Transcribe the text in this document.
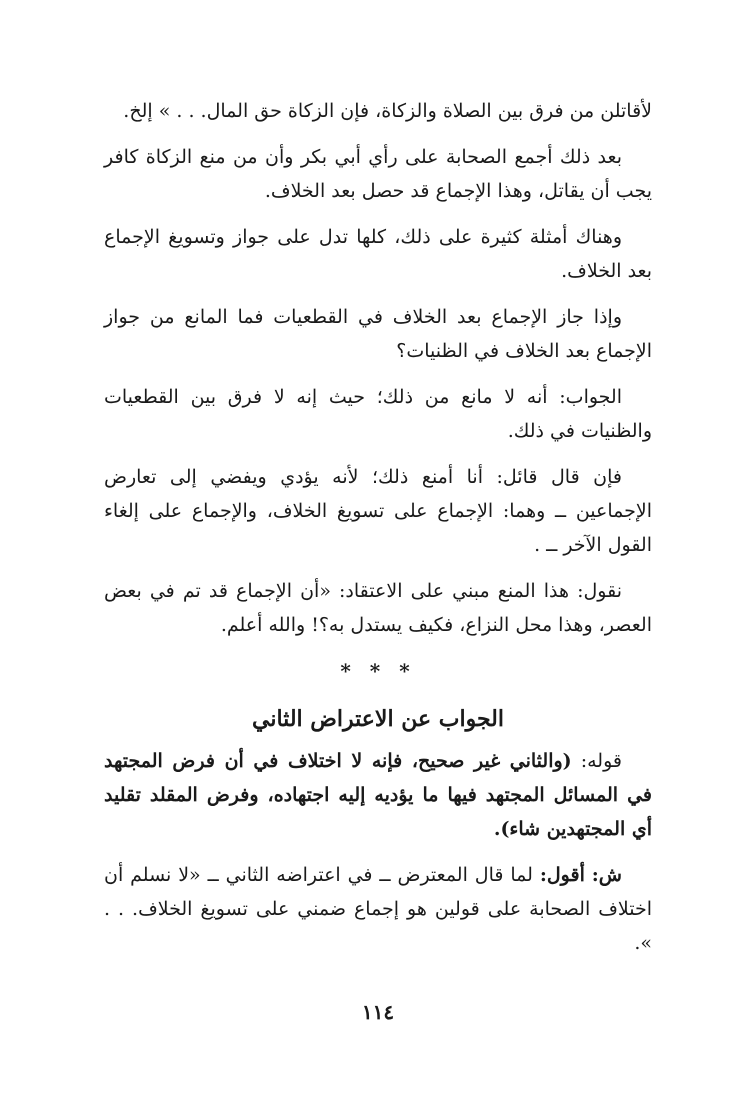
لأقاتلن من فرق بين الصلاة والزكاة، فإن الزكاة حق المال. . . » إلخ.

بعد ذلك أجمع الصحابة على رأي أبي بكر وأن من منع الزكاة كافر يجب أن يقاتل، وهذا الإجماع قد حصل بعد الخلاف.

وهناك أمثلة كثيرة على ذلك، كلها تدل على جواز وتسويغ الإجماع بعد الخلاف.

وإذا جاز الإجماع بعد الخلاف في القطعيات فما المانع من جواز الإجماع بعد الخلاف في الظنيات؟

الجواب: أنه لا مانع من ذلك؛ حيث إنه لا فرق بين القطعيات والظنيات في ذلك.

فإن قال قائل: أنا أمنع ذلك؛ لأنه يؤدي ويفضي إلى تعارض الإجماعين ــ وهما: الإجماع على تسويغ الخلاف، والإجماع على إلغاء القول الآخر ــ .

نقول: هذا المنع مبني على الاعتقاد: «أن الإجماع قد تم في بعض العصر، وهذا محل النزاع، فكيف يستدل به؟! والله أعلم.

* * *
الجواب عن الاعتراض الثاني

قوله: (والثاني غير صحيح، فإنه لا اختلاف في أن فرض المجتهد في المسائل المجتهد فيها ما يؤديه إليه اجتهاده، وفرض المقلد تقليد أي المجتهدين شاء).

ش: أقول: لما قال المعترض ــ في اعتراضه الثاني ــ «لا نسلم أن اختلاف الصحابة على قولين هو إجماع ضمني على تسويغ الخلاف. . . ».

١١٤
